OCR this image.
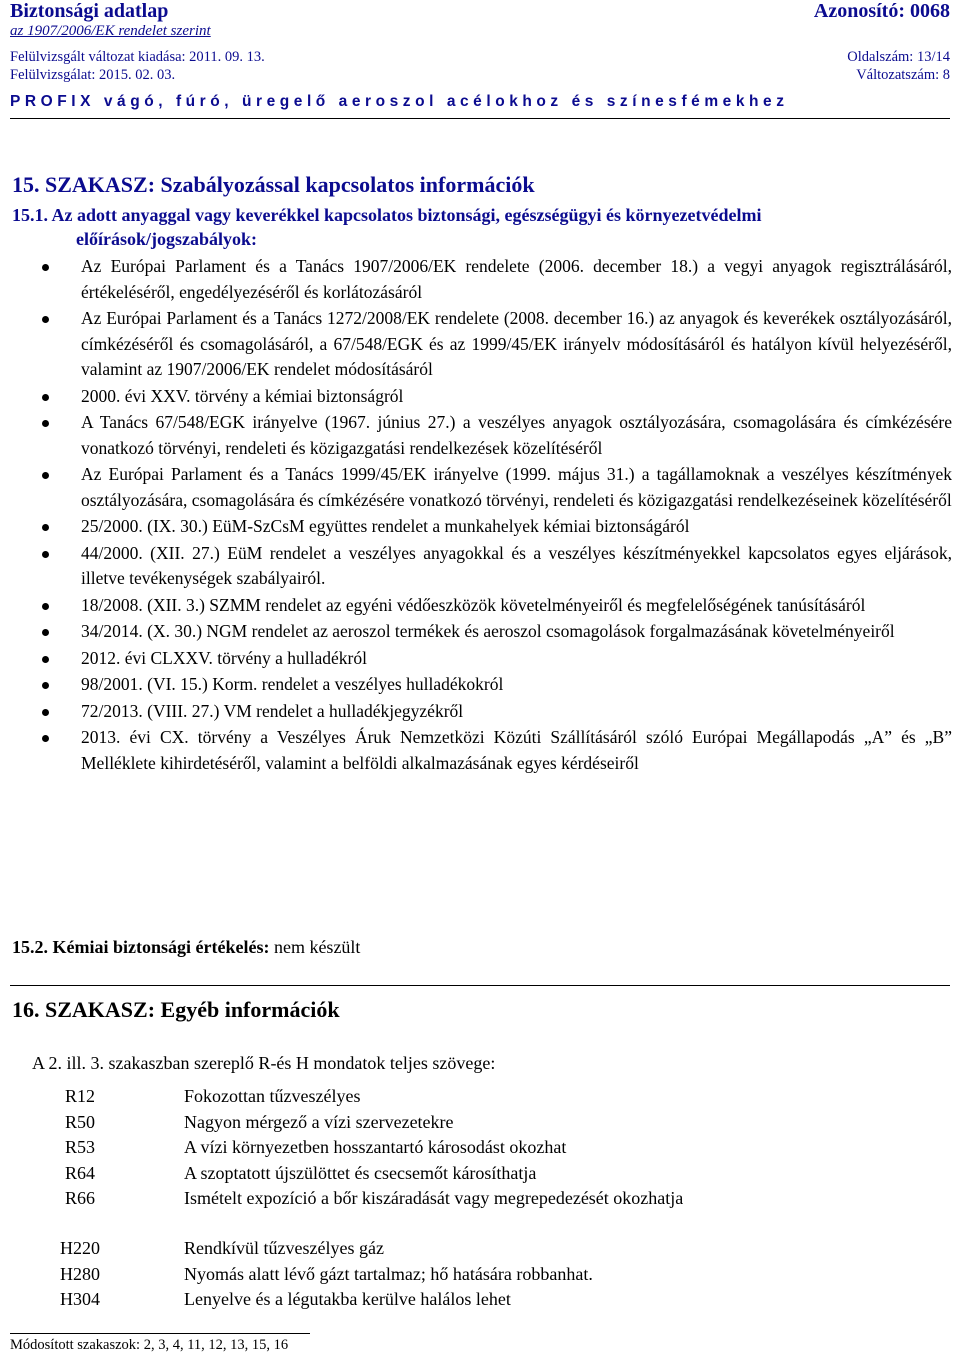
Biztonsági adatlap	Azonosító: 0068
az 1907/2006/EK rendelet szerint
Felülvizsgált változat kiadása: 2011. 09. 13.	Oldalszám: 13/14
Felülvizsgálat: 2015. 02. 03.	Változatszám: 8
PROFIX vágó, fúró, üregelő aeroszol acélokhoz és színesfémekhez
15. SZAKASZ: Szabályozással kapcsolatos információk
15.1. Az adott anyaggal vagy keverékkel kapcsolatos biztonsági, egészségügyi és környezetvédelmi
előírások/jogszabályok:
Az Európai Parlament és a Tanács 1907/2006/EK rendelete (2006. december 18.) a vegyi anyagok regisztrálásáról, értékeléséről, engedélyezéséről és korlátozásáról
Az Európai Parlament és a Tanács 1272/2008/EK rendelete (2008. december 16.) az anyagok és keverékek osztályozásáról, címkézéséről és csomagolásáról, a 67/548/EGK és az 1999/45/EK irányelv módosításáról és hatályon kívül helyezéséről, valamint az 1907/2006/EK rendelet módosításáról
2000. évi XXV. törvény a kémiai biztonságról
A Tanács 67/548/EGK irányelve (1967. június 27.) a veszélyes anyagok osztályozására, csomagolására és címkézésére vonatkozó törvényi, rendeleti és közigazgatási rendelkezések közelítéséről
Az Európai Parlament és a Tanács 1999/45/EK irányelve (1999. május 31.) a tagállamoknak a veszélyes készítmények osztályozására, csomagolására és címkézésére vonatkozó törvényi, rendeleti és közigazgatási rendelkezéseinek közelítéséről
25/2000. (IX. 30.) EüM-SzCsM együttes rendelet a munkahelyek kémiai biztonságáról
44/2000. (XII. 27.) EüM rendelet a veszélyes anyagokkal és a veszélyes készítményekkel kapcsolatos egyes eljárások, illetve tevékenységek szabályairól.
18/2008. (XII. 3.) SZMM rendelet az egyéni védőeszközök követelményeiről és megfelelőségének tanúsításáról
34/2014. (X. 30.) NGM rendelet az aeroszol termékek és aeroszol csomagolások forgalmazásának követelményeiről
2012. évi CLXXV. törvény a hulladékról
98/2001. (VI. 15.) Korm. rendelet a veszélyes hulladékokról
72/2013. (VIII. 27.) VM rendelet a hulladékjegyzékről
2013. évi CX. törvény a Veszélyes Áruk Nemzetközi Közúti Szállításáról szóló Európai Megállapodás „A” és „B” Melléklete kihirdetéséről, valamint a belföldi alkalmazásának egyes kérdéseiről
15.2. Kémiai biztonsági értékelés: nem készült
16. SZAKASZ: Egyéb információk
A 2. ill. 3. szakaszban szereplő R-és H mondatok teljes szövege:
R12	Fokozottan tűzveszélyes
R50	Nagyon mérgező a vízi szervezetekre
R53	A vízi környezetben hosszantartó károsodást okozhat
R64	A szoptatott újszülöttet és csecsemőt károsíthatja
R66	Ismételt expozíció a bőr kiszáradását vagy megrepedezését okozhatja
H220	Rendkívül tűzveszélyes gáz
H280	Nyomás alatt lévő gázt tartalmaz; hő hatására robbanhat.
H304	Lenyelve és a légutakba kerülve halálos lehet
Módosított szakaszok: 2, 3, 4, 11, 12, 13, 15, 16
